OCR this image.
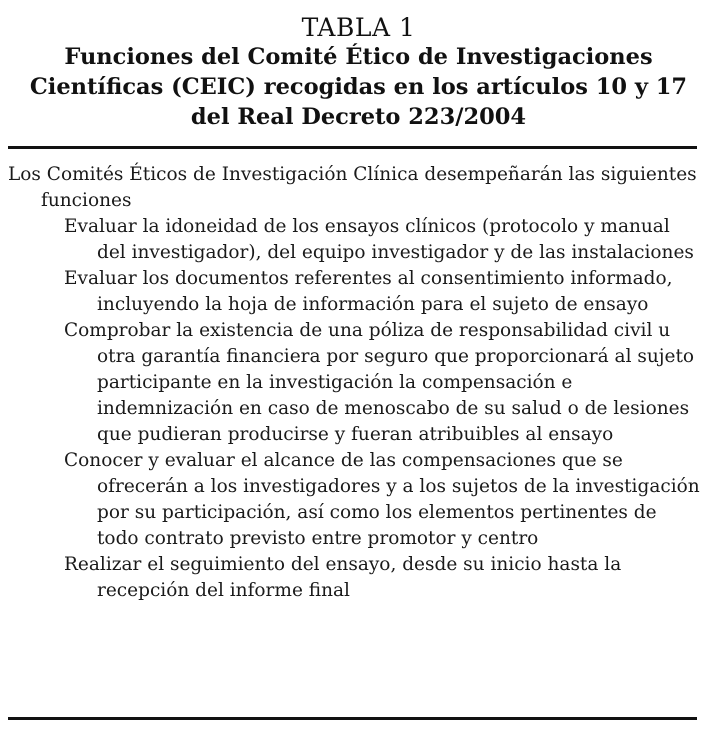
TABLA 1
Funciones del Comité Ético de Investigaciones Científicas (CEIC) recogidas en los artículos 10 y 17 del Real Decreto 223/2004
Los Comités Éticos de Investigación Clínica desempeñarán las siguientes funciones
Evaluar la idoneidad de los ensayos clínicos (protocolo y manual del investigador), del equipo investigador y de las instalaciones
Evaluar los documentos referentes al consentimiento informado, incluyendo la hoja de información para el sujeto de ensayo
Comprobar la existencia de una póliza de responsabilidad civil u otra garantía financiera por seguro que proporcionará al sujeto participante en la investigación la compensación e indemnización en caso de menoscabo de su salud o de lesiones que pudieran producirse y fueran atribuibles al ensayo
Conocer y evaluar el alcance de las compensaciones que se ofrecerán a los investigadores y a los sujetos de la investigación por su participación, así como los elementos pertinentes de todo contrato previsto entre promotor y centro
Realizar el seguimiento del ensayo, desde su inicio hasta la recepción del informe final
